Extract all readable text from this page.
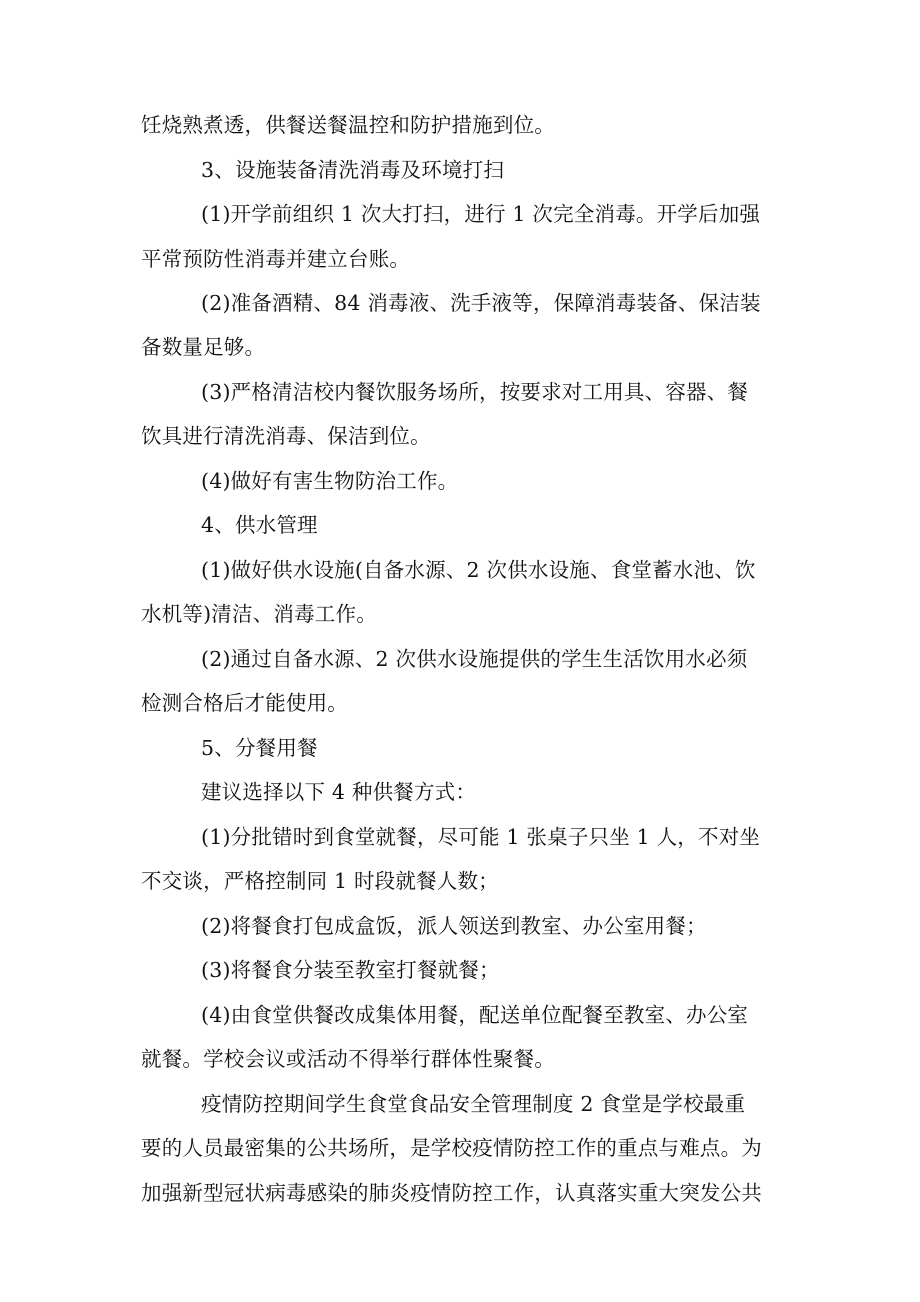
饪烧熟煮透，供餐送餐温控和防护措施到位。
3、设施装备清洗消毒及环境打扫
(1)开学前组织 1 次大打扫，进行 1 次完全消毒。开学后加强
平常预防性消毒并建立台账。
(2)准备酒精、84 消毒液、洗手液等，保障消毒装备、保洁装
备数量足够。
(3)严格清洁校内餐饮服务场所，按要求对工用具、容器、餐
饮具进行清洗消毒、保洁到位。
(4)做好有害生物防治工作。
4、供水管理
(1)做好供水设施(自备水源、2 次供水设施、食堂蓄水池、饮
水机等)清洁、消毒工作。
(2)通过自备水源、2 次供水设施提供的学生生活饮用水必须
检测合格后才能使用。
5、分餐用餐
建议选择以下 4 种供餐方式：
(1)分批错时到食堂就餐，尽可能 1 张桌子只坐 1 人，不对坐
不交谈，严格控制同 1 时段就餐人数；
(2)将餐食打包成盒饭，派人领送到教室、办公室用餐；
(3)将餐食分装至教室打餐就餐；
(4)由食堂供餐改成集体用餐，配送单位配餐至教室、办公室
就餐。学校会议或活动不得举行群体性聚餐。
疫情防控期间学生食堂食品安全管理制度 2 食堂是学校最重
要的人员最密集的公共场所，是学校疫情防控工作的重点与难点。为
加强新型冠状病毒感染的肺炎疫情防控工作，认真落实重大突发公共
